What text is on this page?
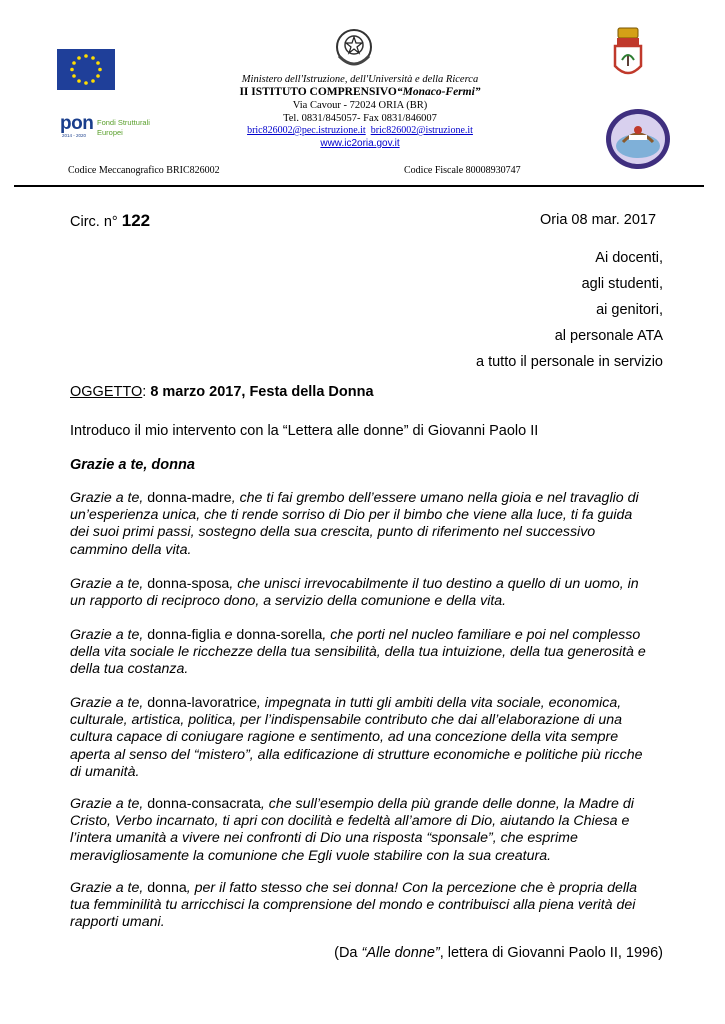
pon
2014 - 2020
Fondi Strutturali
Europei
Ministero dell'Istruzione, dell'Università e della Ricerca
II ISTITUTO COMPRENSIVO“Monaco-Fermi”
Via Cavour - 72024 ORIA (BR)
Tel. 0831/845057- Fax 0831/846007
bric826002@pec.istruzione.it bric826002@istruzione.it
www.ic2oria.gov.it
Codice Meccanografico BRIC826002	Codice Fiscale 80008930747
Circ. n° 122	Oria 08 mar. 2017
Ai docenti,
agli studenti,
ai genitori,
al personale ATA
a tutto il personale in servizio
OGGETTO: 8 marzo 2017, Festa della Donna
Introduco il mio intervento con la “Lettera alle donne” di Giovanni Paolo II
Grazie a te, donna
Grazie a te, donna-madre, che ti fai grembo dell’essere umano nella gioia e nel travaglio di
un’esperienza unica, che ti rende sorriso di Dio per il bimbo che viene alla luce, ti fa guida
dei suoi primi passi, sostegno della sua crescita, punto di riferimento nel successivo
cammino della vita.
Grazie a te, donna-sposa, che unisci irrevocabilmente il tuo destino a quello di un uomo, in
un rapporto di reciproco dono, a servizio della comunione e della vita.
Grazie a te, donna-figlia e donna-sorella, che porti nel nucleo familiare e poi nel complesso
della vita sociale le ricchezze della tua sensibilità, della tua intuizione, della tua generosità e
della tua costanza.
Grazie a te, donna-lavoratrice, impegnata in tutti gli ambiti della vita sociale, economica,
culturale, artistica, politica, per l’indispensabile contributo che dai all’elaborazione di una
cultura capace di coniugare ragione e sentimento, ad una concezione della vita sempre
aperta al senso del “mistero”, alla edificazione di strutture economiche e politiche più ricche
di umanità.
Grazie a te, donna-consacrata, che sull’esempio della più grande delle donne, la Madre di
Cristo, Verbo incarnato, ti apri con docilità e fedeltà all’amore di Dio, aiutando la Chiesa e
l’intera umanità a vivere nei confronti di Dio una risposta “sponsale”, che esprime
meravigliosamente la comunione che Egli vuole stabilire con la sua creatura.
Grazie a te, donna, per il fatto stesso che sei donna! Con la percezione che è propria della
tua femminilità tu arricchisci la comprensione del mondo e contribuisci alla piena verità dei
rapporti umani.
(Da “Alle donne”, lettera di Giovanni Paolo II, 1996)
